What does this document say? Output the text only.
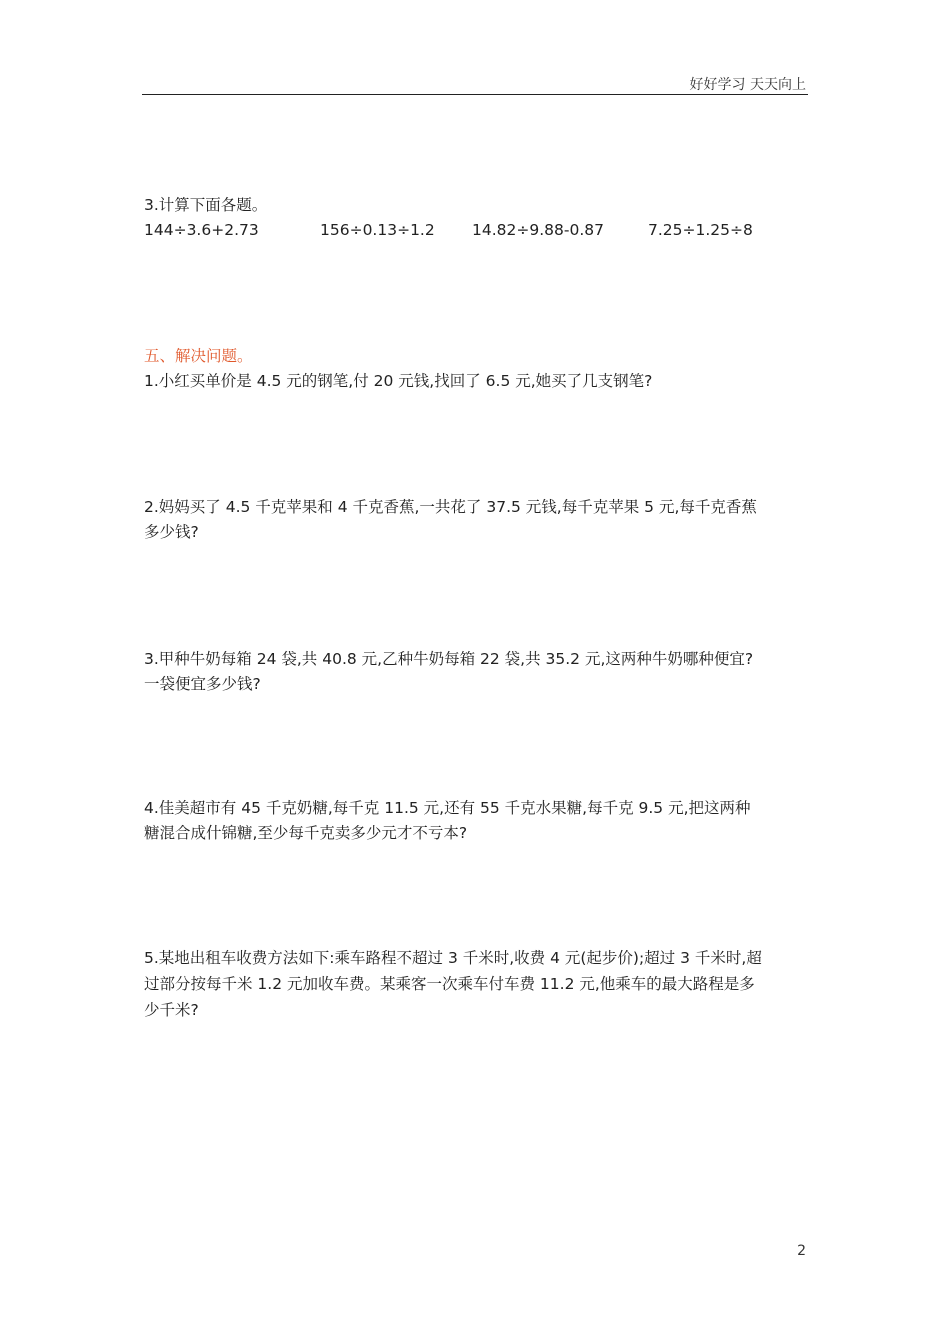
好好学习 天天向上
3.计算下面各题。
144÷3.6+2.73	156÷0.13÷1.2 14.82÷9.88-0.87	7.25÷1.25÷8
五、解决问题。
1.小红买单价是 4.5 元的钢笔,付 20 元钱,找回了 6.5 元,她买了几支钢笔?
2.妈妈买了 4.5 千克苹果和 4 千克香蕉,一共花了 37.5 元钱,每千克苹果 5 元,每千克香蕉
多少钱?
3.甲种牛奶每箱 24 袋,共 40.8 元,乙种牛奶每箱 22 袋,共 35.2 元,这两种牛奶哪种便宜?
一袋便宜多少钱?
4.佳美超市有 45 千克奶糖,每千克 11.5 元,还有 55 千克水果糖,每千克 9.5 元,把这两种
糖混合成什锦糖,至少每千克卖多少元才不亏本?
5.某地出租车收费方法如下:乘车路程不超过 3 千米时,收费 4 元(起步价);超过 3 千米时,超
过部分按每千米 1.2 元加收车费。某乘客一次乘车付车费 11.2 元,他乘车的最大路程是多
少千米?
2
